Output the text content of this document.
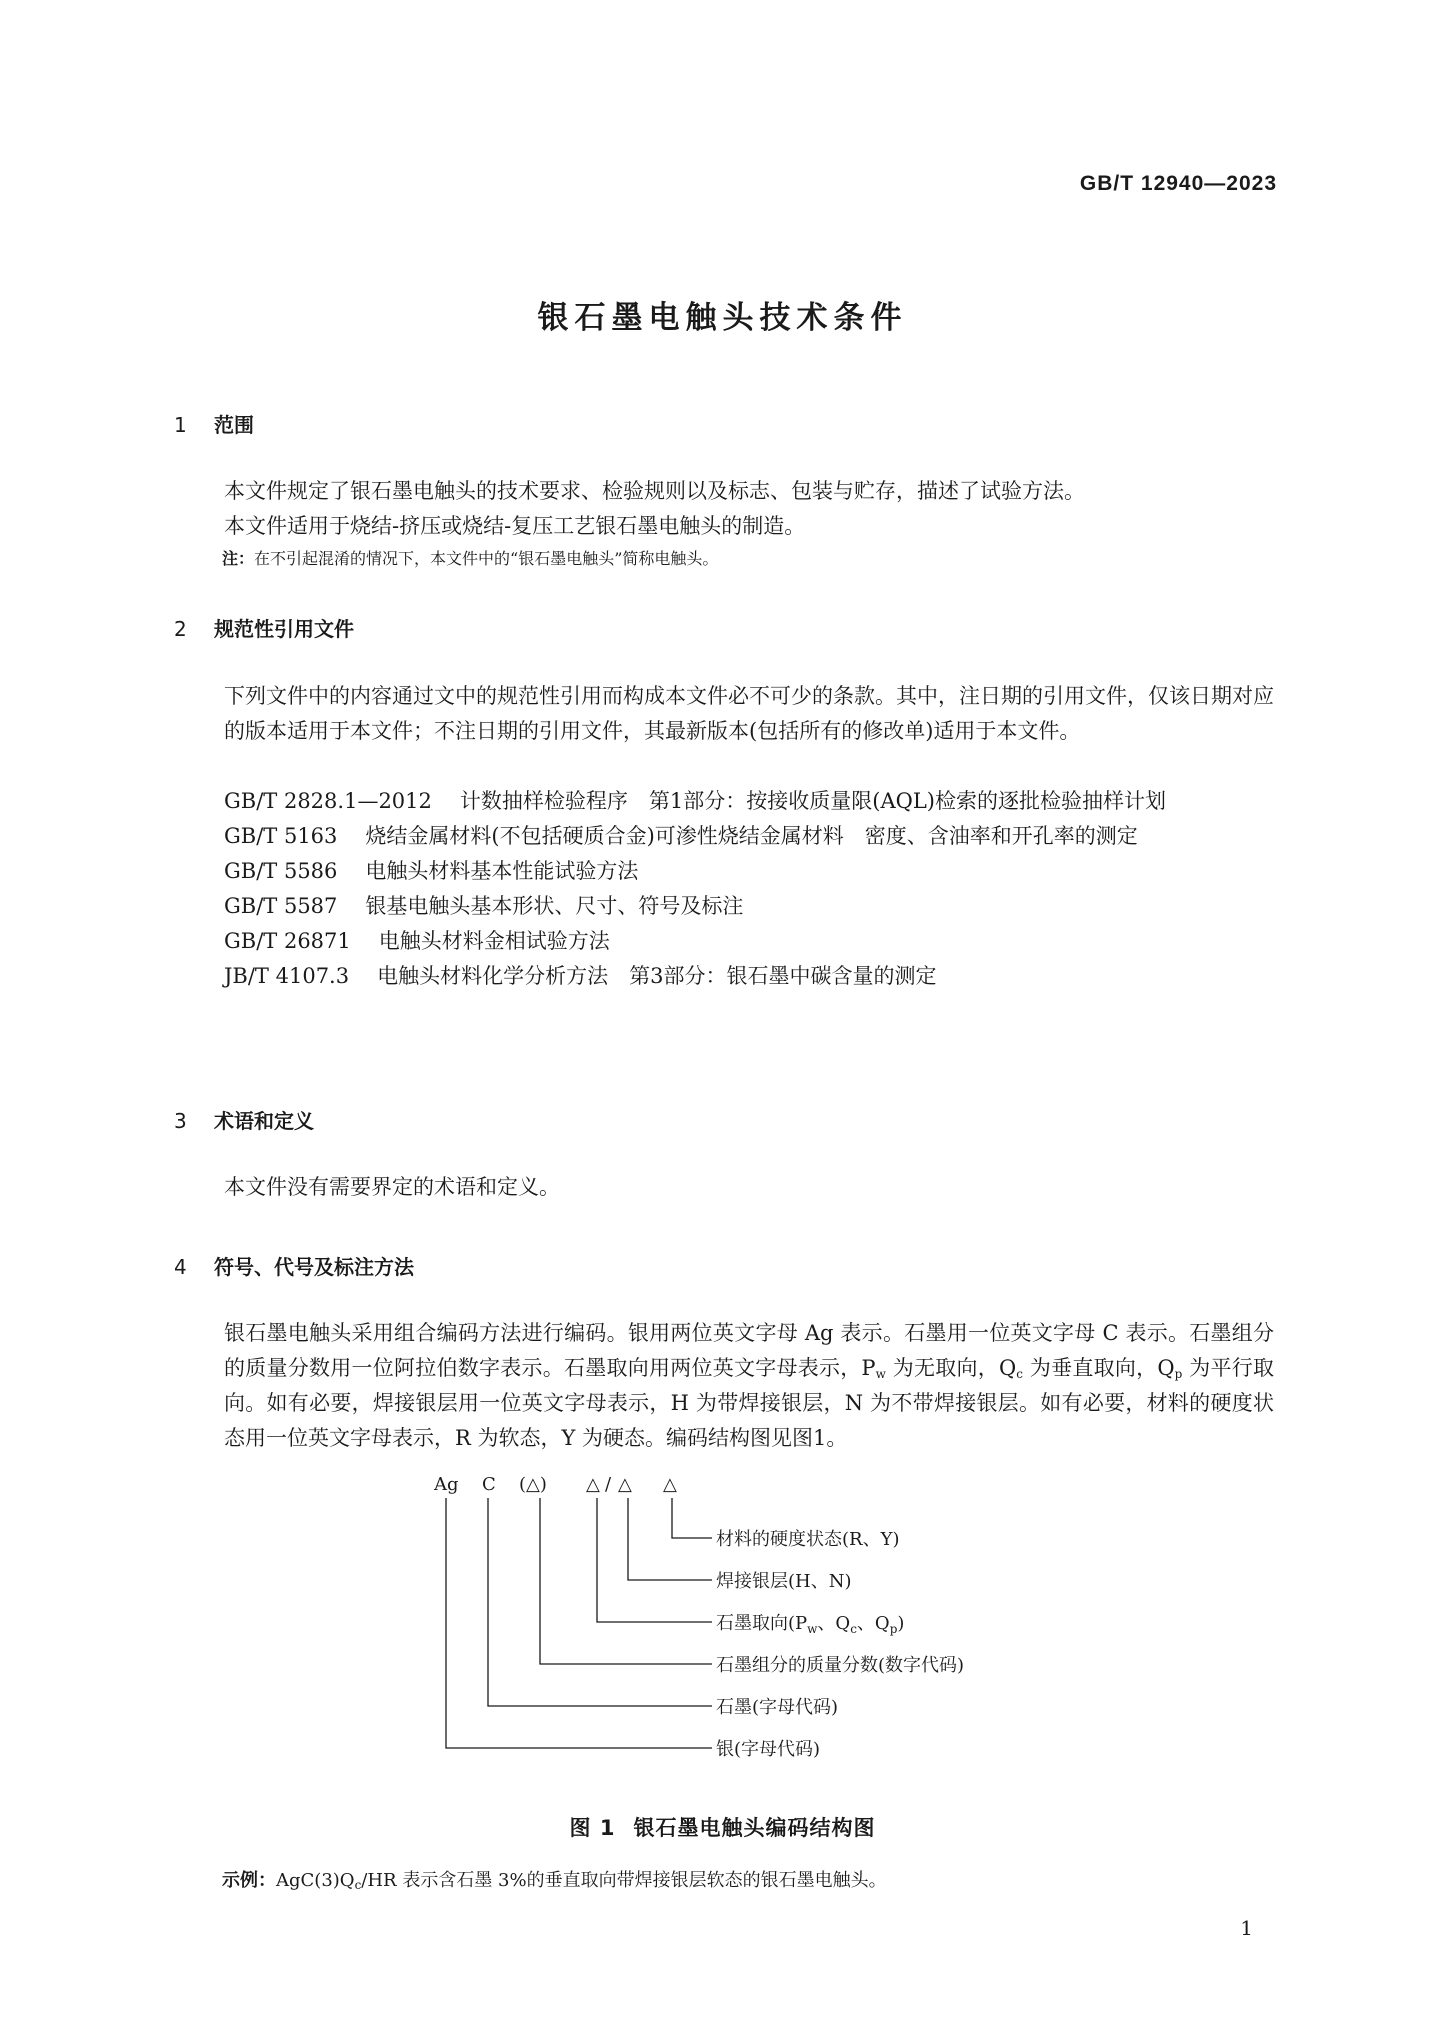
GB/T 12940—2023
银石墨电触头技术条件
1 范围
本文件规定了银石墨电触头的技术要求、检验规则以及标志、包装与贮存，描述了试验方法。
本文件适用于烧结-挤压或烧结-复压工艺银石墨电触头的制造。
注：在不引起混淆的情况下，本文件中的“银石墨电触头”简称电触头。
2 规范性引用文件
下列文件中的内容通过文中的规范性引用而构成本文件必不可少的条款。其中，注日期的引用文件，仅该日期对应的版本适用于本文件；不注日期的引用文件，其最新版本(包括所有的修改单)适用于本文件。
GB/T 2828.1—2012 计数抽样检验程序　第1部分：按接收质量限(AQL)检索的逐批检验抽样计划
GB/T 5163 烧结金属材料(不包括硬质合金)可渗性烧结金属材料　密度、含油率和开孔率的测定
GB/T 5586 电触头材料基本性能试验方法
GB/T 5587 银基电触头基本形状、尺寸、符号及标注
GB/T 26871 电触头材料金相试验方法
JB/T 4107.3 电触头材料化学分析方法　第3部分：银石墨中碳含量的测定
3 术语和定义
本文件没有需要界定的术语和定义。
4 符号、代号及标注方法
银石墨电触头采用组合编码方法进行编码。银用两位英文字母 Ag 表示。石墨用一位英文字母 C 表示。石墨组分的质量分数用一位阿拉伯数字表示。石墨取向用两位英文字母表示，$P_w$ 为无取向，$Q_c$ 为垂直取向，$Q_p$ 为平行取向。如有必要，焊接银层用一位英文字母表示，H 为带焊接银层，N 为不带焊接银层。如有必要，材料的硬度状态用一位英文字母表示，R 为软态，Y 为硬态。编码结构图见图1。
Ag C (△) △ / △ △
材料的硬度状态(R、Y)
焊接银层(H、N)
石墨取向($P_w$、$Q_c$、$Q_p$)
石墨组分的质量分数(数字代码)
石墨(字母代码)
银(字母代码)
图 1 银石墨电触头编码结构图
示例：$AgC(3)Q_c/HR$ 表示含石墨 3%的垂直取向带焊接银层软态的银石墨电触头。
1
